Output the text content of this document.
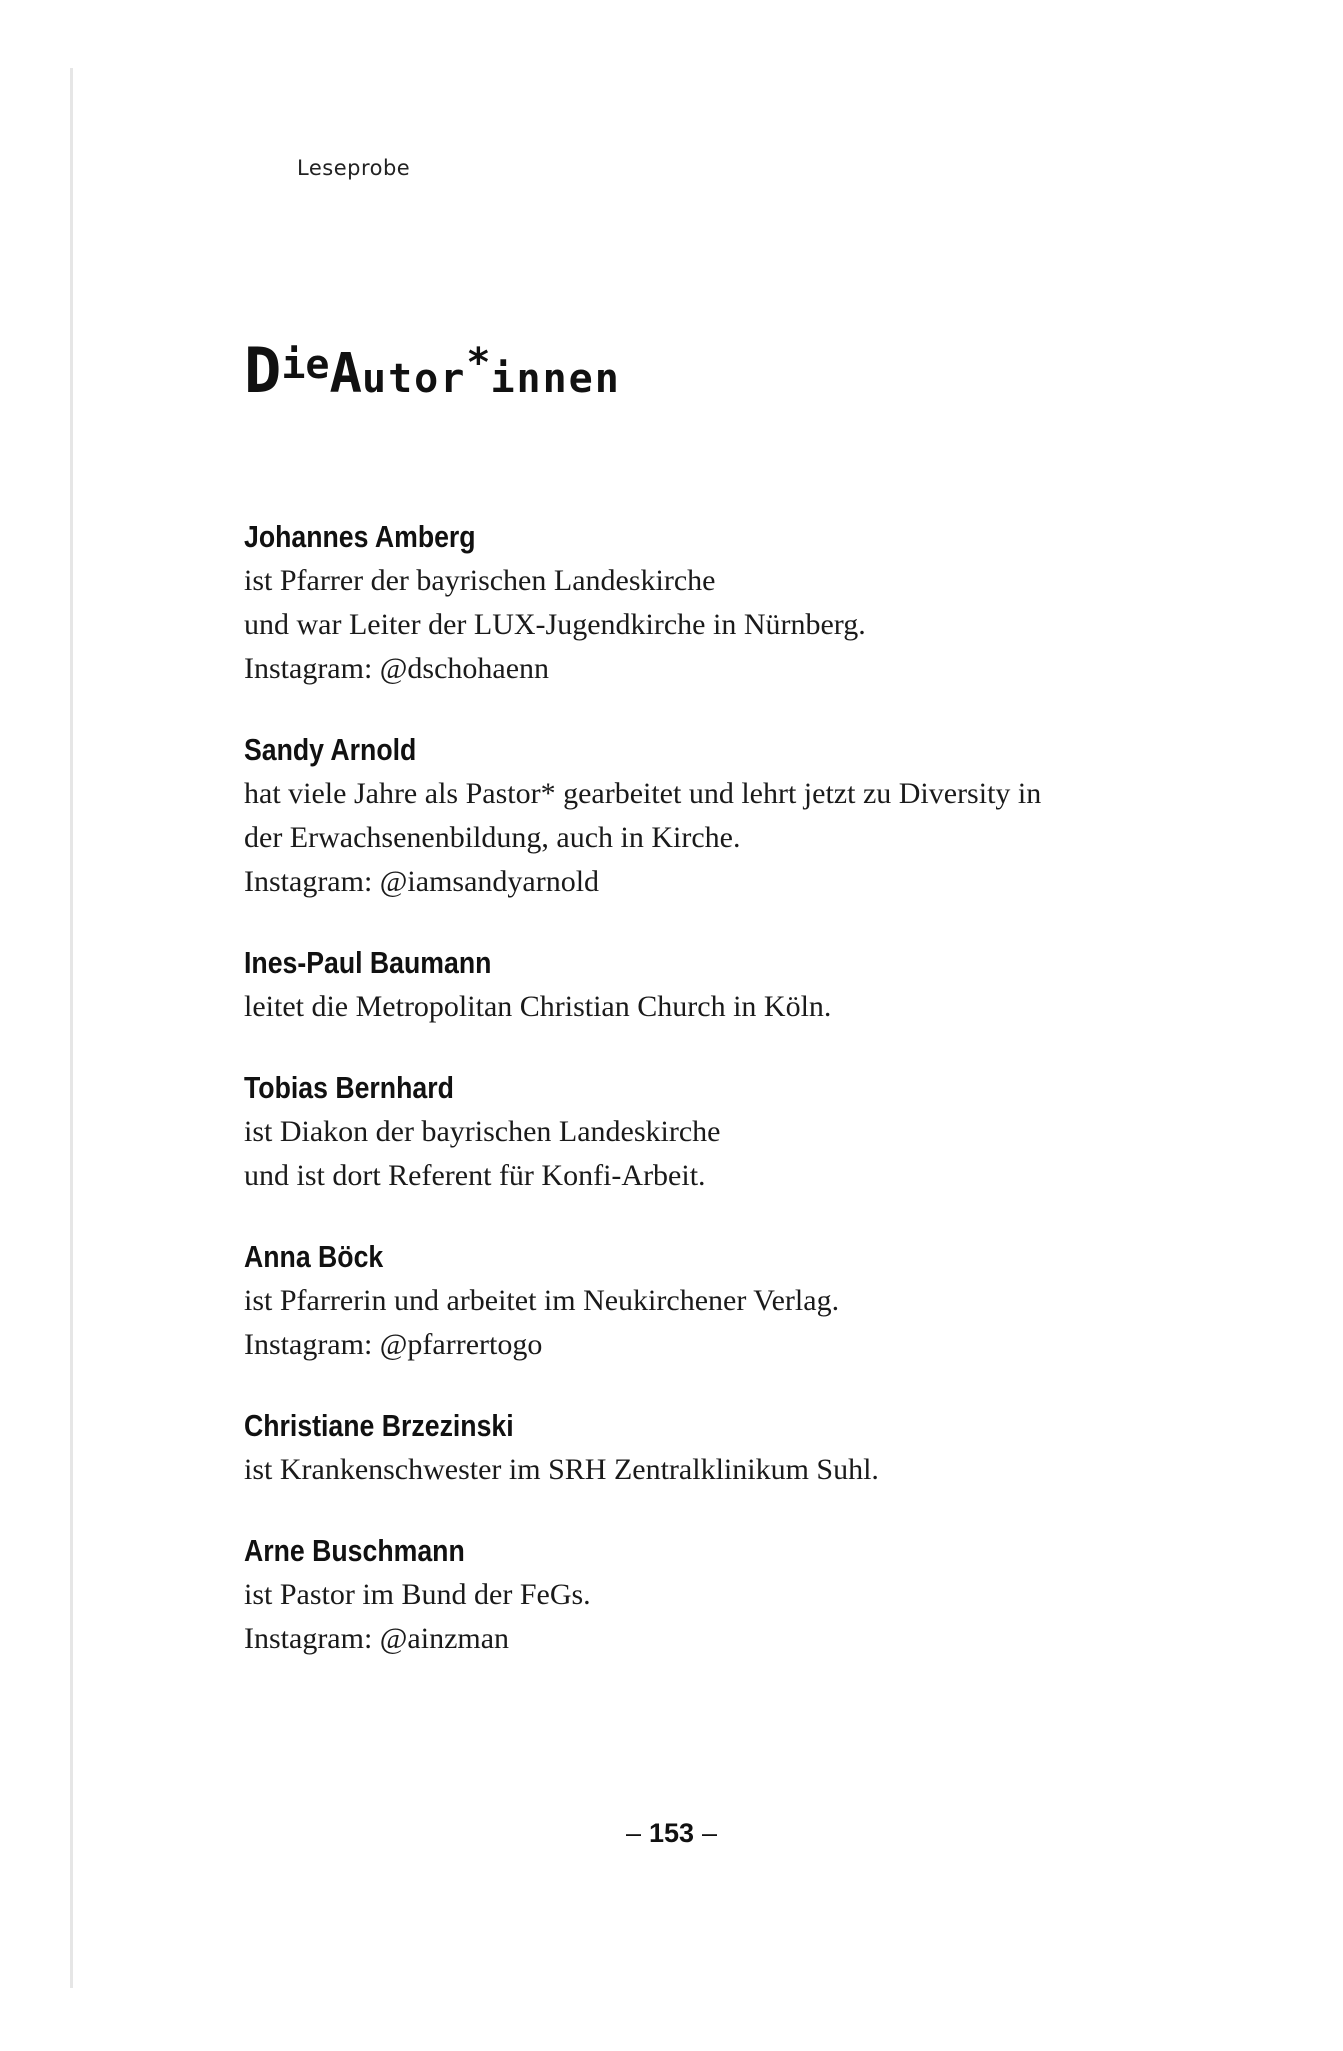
Leseprobe
DieAutor*innen
Johannes Amberg
ist Pfarrer der bayrischen Landeskirche
und war Leiter der LUX-Jugendkirche in Nürnberg.
Instagram: @dschohaenn
Sandy Arnold
hat viele Jahre als Pastor* gearbeitet und lehrt jetzt zu Diversity in
der Erwachsenenbildung, auch in Kirche.
Instagram: @iamsandyarnold
Ines-Paul Baumann
leitet die Metropolitan Christian Church in Köln.
Tobias Bernhard
ist Diakon der bayrischen Landeskirche
und ist dort Referent für Konfi-Arbeit.
Anna Böck
ist Pfarrerin und arbeitet im Neukirchener Verlag.
Instagram: @pfarrertogo
Christiane Brzezinski
ist Krankenschwester im SRH Zentralklinikum Suhl.
Arne Buschmann
ist Pastor im Bund der FeGs.
Instagram: @ainzman
– 153 –
